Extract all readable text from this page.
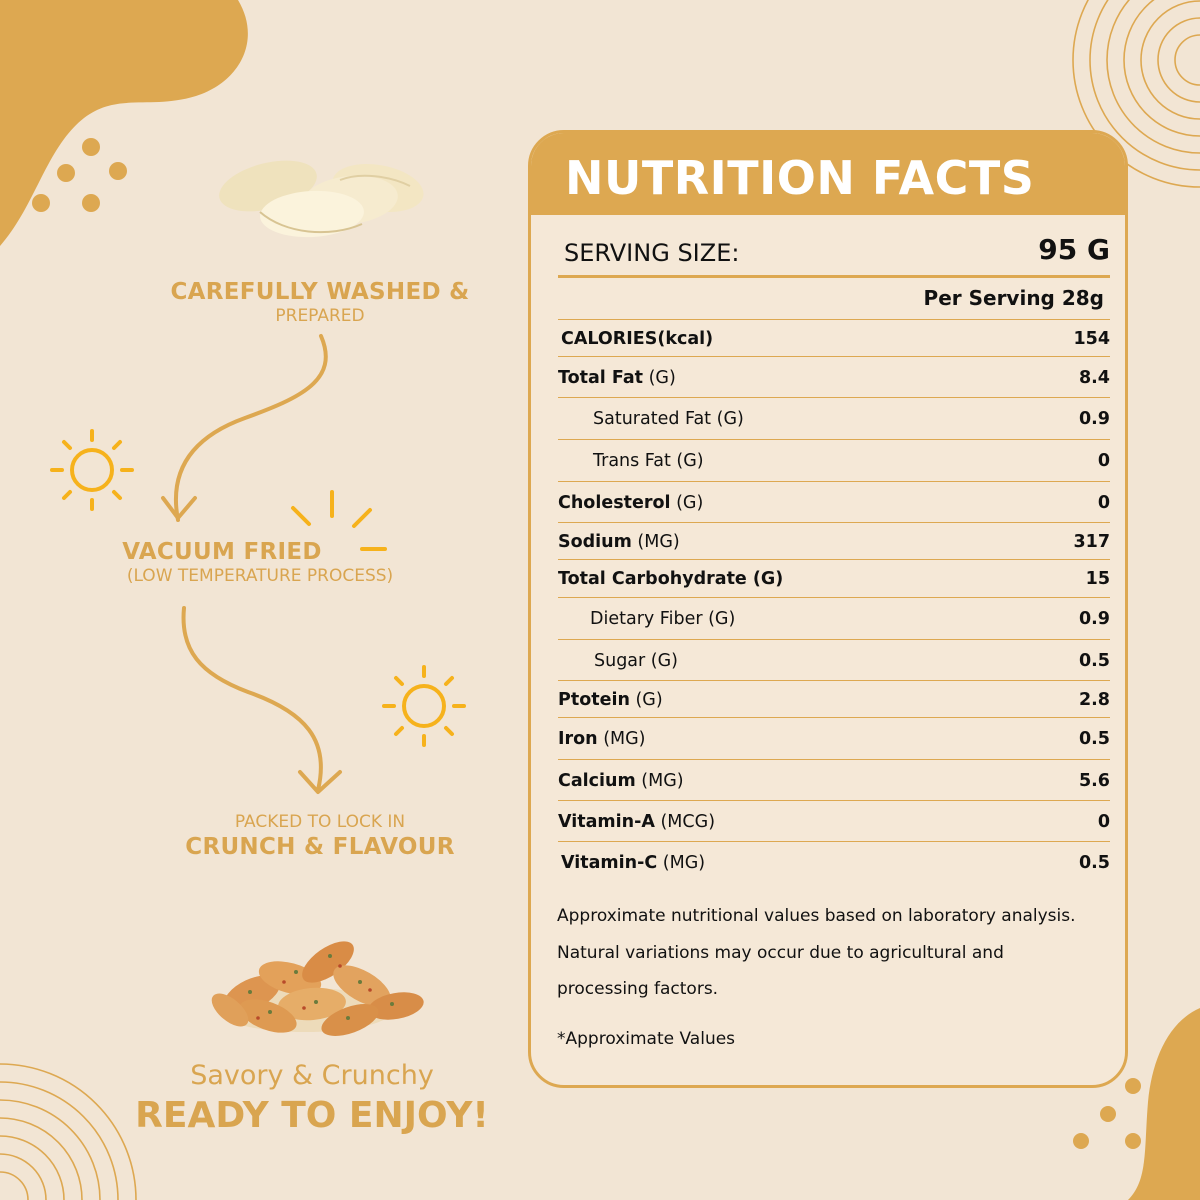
CAREFULLY WASHED &
PREPARED
VACUUM FRIED
(LOW TEMPERATURE PROCESS)
PACKED TO LOCK IN
CRUNCH & FLAVOUR
Savory & Crunchy
READY TO ENJOY!
NUTRITION FACTS
SERVING SIZE:	95 G
Per Serving 28g
CALORIES(kcal)	154
Total Fat (G)	8.4
Saturated Fat (G)	0.9
Trans Fat (G)	0
Cholesterol (G)	0
Sodium (MG)	317
Total Carbohydrate (G)	15
Dietary Fiber (G)	0.9
Sugar (G)	0.5
Ptotein (G)	2.8
Iron (MG)	0.5
Calcium (MG)	5.6
Vitamin-A (MCG)	0
Vitamin-C (MG)	0.5
Approximate nutritional values based on laboratory analysis.
Natural variations may occur due to agricultural and
processing factors.
*Approximate Values
